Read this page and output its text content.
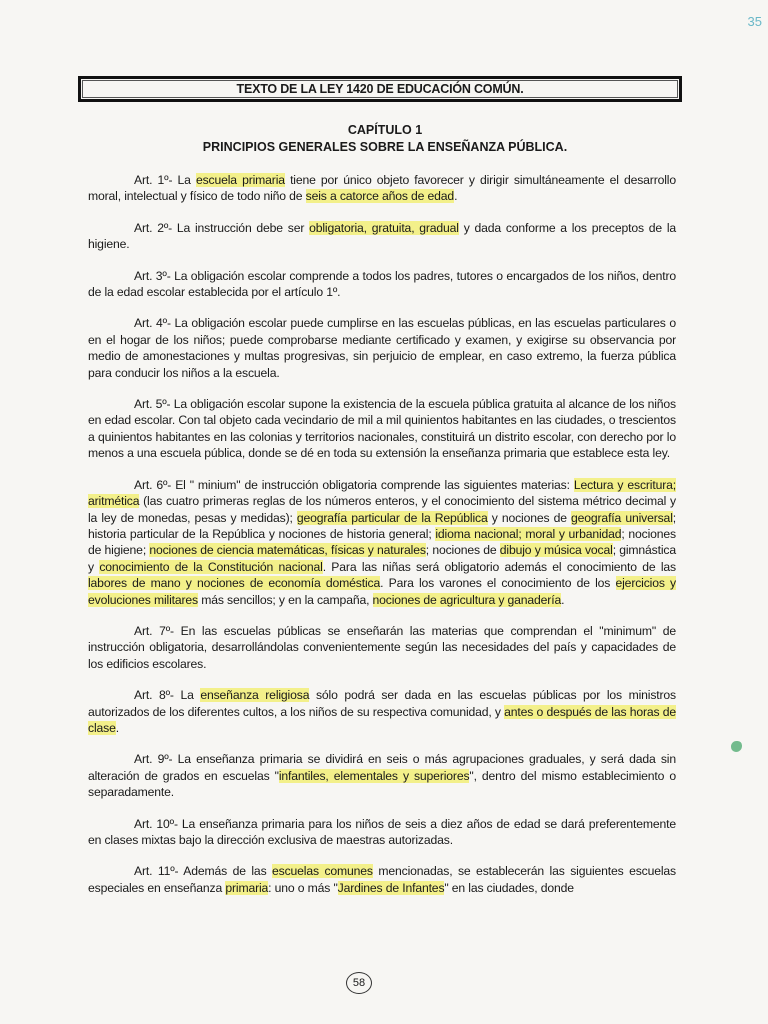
35
TEXTO DE LA LEY 1420 DE EDUCACIÓN COMÚN.
CAPÍTULO 1
PRINCIPIOS GENERALES SOBRE LA ENSEÑANZA PÚBLICA.

Art. 1º- La escuela primaria tiene por único objeto favorecer y dirigir simultáneamente el desarrollo moral, intelectual y físico de todo niño de seis a catorce años de edad.

Art. 2º- La instrucción debe ser obligatoria, gratuita, gradual y dada conforme a los preceptos de la higiene.

Art. 3º- La obligación escolar comprende a todos los padres, tutores o encargados de los niños, dentro de la edad escolar establecida por el artículo 1º.

Art. 4º- La obligación escolar puede cumplirse en las escuelas públicas, en las escuelas particulares o en el hogar de los niños; puede comprobarse mediante certificado y examen, y exigirse su observancia por medio de amonestaciones y multas progresivas, sin perjuicio de emplear, en caso extremo, la fuerza pública para conducir los niños a la escuela.

Art. 5º- La obligación escolar supone la existencia de la escuela pública gratuita al alcance de los niños en edad escolar. Con tal objeto cada vecindario de mil a mil quinientos habitantes en las ciudades, o trescientos a quinientos habitantes en las colonias y territorios nacionales, constituirá un distrito escolar, con derecho por lo menos a una escuela pública, donde se dé en toda su extensión la enseñanza primaria que establece esta ley.

Art. 6º- El " minium" de instrucción obligatoria comprende las siguientes materias: Lectura y escritura; aritmética (las cuatro primeras reglas de los números enteros, y el conocimiento del sistema métrico decimal y la ley de monedas, pesas y medidas); geografía particular de la República y nociones de geografía universal; historia particular de la República y nociones de historia general; idioma nacional; moral y urbanidad; nociones de higiene; nociones de ciencia matemáticas, físicas y naturales; nociones de dibujo y música vocal; gimnástica y conocimiento de la Constitución nacional. Para las niñas será obligatorio además el conocimiento de las labores de mano y nociones de economía doméstica. Para los varones el conocimiento de los ejercicios y evoluciones militares más sencillos; y en la campaña, nociones de agricultura y ganadería.

Art. 7º- En las escuelas públicas se enseñarán las materias que comprendan el "minimum" de instrucción obligatoria, desarrollándolas convenientemente según las necesidades del país y capacidades de los edificios escolares.

Art. 8º- La enseñanza religiosa sólo podrá ser dada en las escuelas públicas por los ministros autorizados de los diferentes cultos, a los niños de su respectiva comunidad, y antes o después de las horas de clase.

Art. 9º- La enseñanza primaria se dividirá en seis o más agrupaciones graduales, y será dada sin alteración de grados en escuelas "infantiles, elementales y superiores", dentro del mismo establecimiento o separadamente.

Art. 10º- La enseñanza primaria para los niños de seis a diez años de edad se dará preferentemente en clases mixtas bajo la dirección exclusiva de maestras autorizadas.

Art. 11º- Además de las escuelas comunes mencionadas, se establecerán las siguientes escuelas especiales en enseñanza primaria: uno o más "Jardines de Infantes" en las ciudades, donde

58
